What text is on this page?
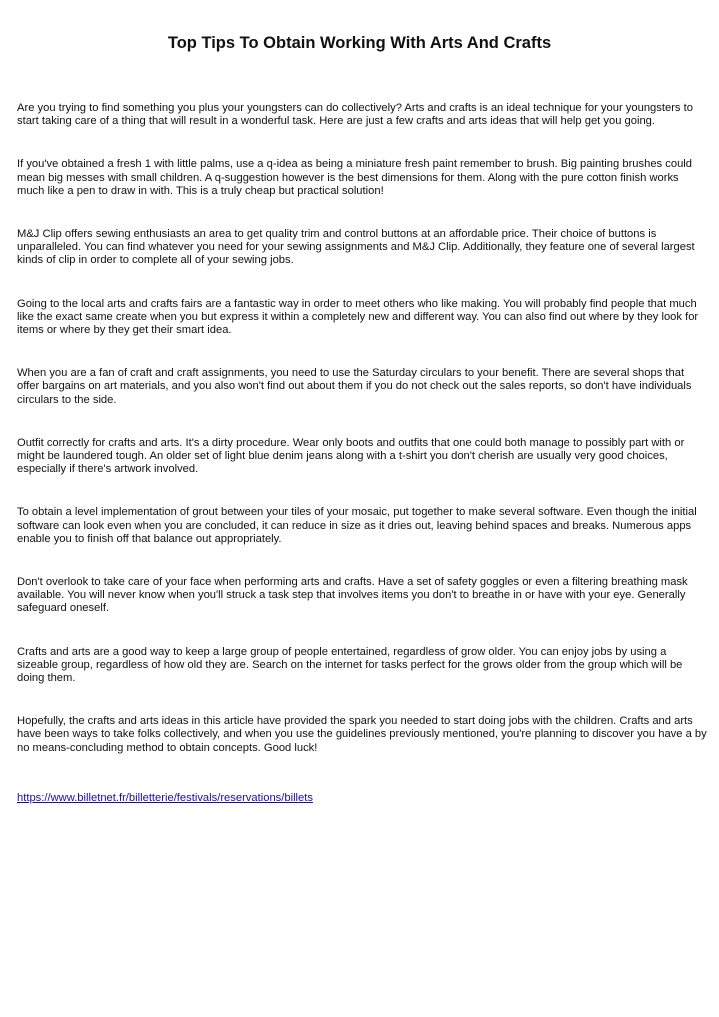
Top Tips To Obtain Working With Arts And Crafts

Are you trying to find something you plus your youngsters can do collectively? Arts and crafts is an ideal technique for your youngsters to start taking care of a thing that will result in a wonderful task. Here are just a few crafts and arts ideas that will help get you going.

If you've obtained a fresh 1 with little palms, use a q-idea as being a miniature fresh paint remember to brush. Big painting brushes could mean big messes with small children. A q-suggestion however is the best dimensions for them. Along with the pure cotton finish works much like a pen to draw in with. This is a truly cheap but practical solution!

M&J Clip offers sewing enthusiasts an area to get quality trim and control buttons at an affordable price. Their choice of buttons is unparalleled. You can find whatever you need for your sewing assignments and M&J Clip. Additionally, they feature one of several largest kinds of clip in order to complete all of your sewing jobs.

Going to the local arts and crafts fairs are a fantastic way in order to meet others who like making. You will probably find people that much like the exact same create when you but express it within a completely new and different way. You can also find out where by they look for items or where by they get their smart idea.

When you are a fan of craft and craft assignments, you need to use the Saturday circulars to your benefit. There are several shops that offer bargains on art materials, and you also won't find out about them if you do not check out the sales reports, so don't have individuals circulars to the side.

Outfit correctly for crafts and arts. It's a dirty procedure. Wear only boots and outfits that one could both manage to possibly part with or might be laundered tough. An older set of light blue denim jeans along with a t-shirt you don't cherish are usually very good choices, especially if there's artwork involved.

To obtain a level implementation of grout between your tiles of your mosaic, put together to make several software. Even though the initial software can look even when you are concluded, it can reduce in size as it dries out, leaving behind spaces and breaks. Numerous apps enable you to finish off that balance out appropriately.

Don't overlook to take care of your face when performing arts and crafts. Have a set of safety goggles or even a filtering breathing mask available. You will never know when you'll struck a task step that involves items you don't to breathe in or have with your eye. Generally safeguard oneself.

Crafts and arts are a good way to keep a large group of people entertained, regardless of grow older. You can enjoy jobs by using a sizeable group, regardless of how old they are. Search on the internet for tasks perfect for the grows older from the group which will be doing them.

Hopefully, the crafts and arts ideas in this article have provided the spark you needed to start doing jobs with the children. Crafts and arts have been ways to take folks collectively, and when you use the guidelines previously mentioned, you're planning to discover you have a by no means-concluding method to obtain concepts. Good luck!

https://www.billetnet.fr/billetterie/festivals/reservations/billets
